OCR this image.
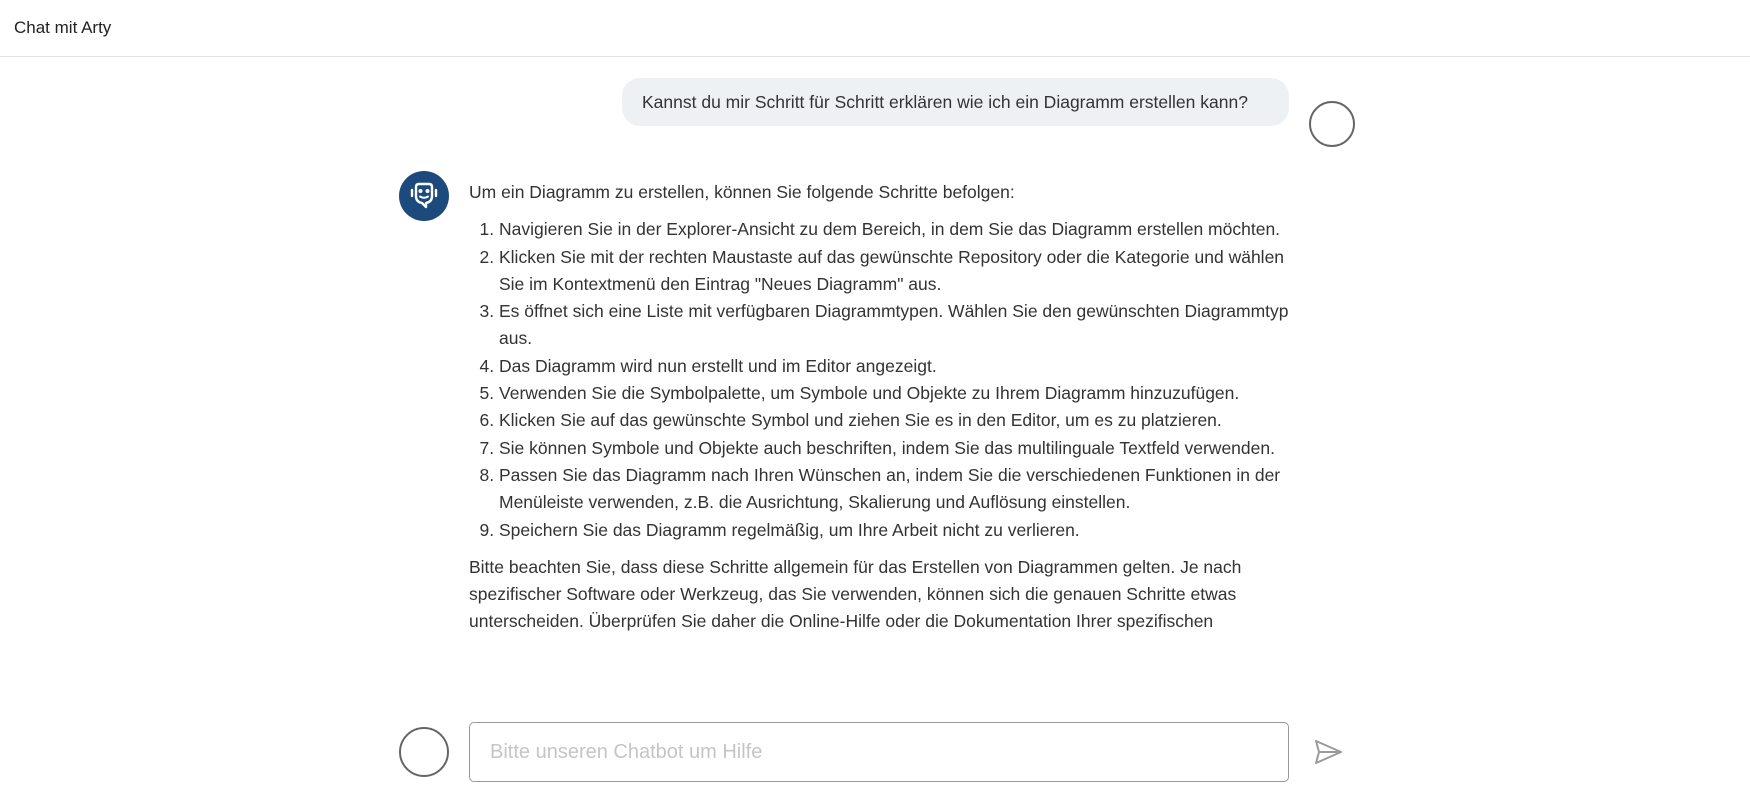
Chat mit Arty
Kannst du mir Schritt für Schritt erklären wie ich ein Diagramm erstellen kann?

Um ein Diagramm zu erstellen, können Sie folgende Schritte befolgen:

1. Navigieren Sie in der Explorer-Ansicht zu dem Bereich, in dem Sie das Diagramm erstellen möchten.
2. Klicken Sie mit der rechten Maustaste auf das gewünschte Repository oder die Kategorie und wählen Sie im Kontextmenü den Eintrag "Neues Diagramm" aus.
3. Es öffnet sich eine Liste mit verfügbaren Diagrammtypen. Wählen Sie den gewünschten Diagrammtyp aus.
4. Das Diagramm wird nun erstellt und im Editor angezeigt.
5. Verwenden Sie die Symbolpalette, um Symbole und Objekte zu Ihrem Diagramm hinzuzufügen.
6. Klicken Sie auf das gewünschte Symbol und ziehen Sie es in den Editor, um es zu platzieren.
7. Sie können Symbole und Objekte auch beschriften, indem Sie das multilinguale Textfeld verwenden.
8. Passen Sie das Diagramm nach Ihren Wünschen an, indem Sie die verschiedenen Funktionen in der Menüleiste verwenden, z.B. die Ausrichtung, Skalierung und Auflösung einstellen.
9. Speichern Sie das Diagramm regelmäßig, um Ihre Arbeit nicht zu verlieren.

Bitte beachten Sie, dass diese Schritte allgemein für das Erstellen von Diagrammen gelten. Je nach spezifischer Software oder Werkzeug, das Sie verwenden, können sich die genauen Schritte etwas unterscheiden. Überprüfen Sie daher die Online-Hilfe oder die Dokumentation Ihrer spezifischen

Bitte unseren Chatbot um Hilfe
